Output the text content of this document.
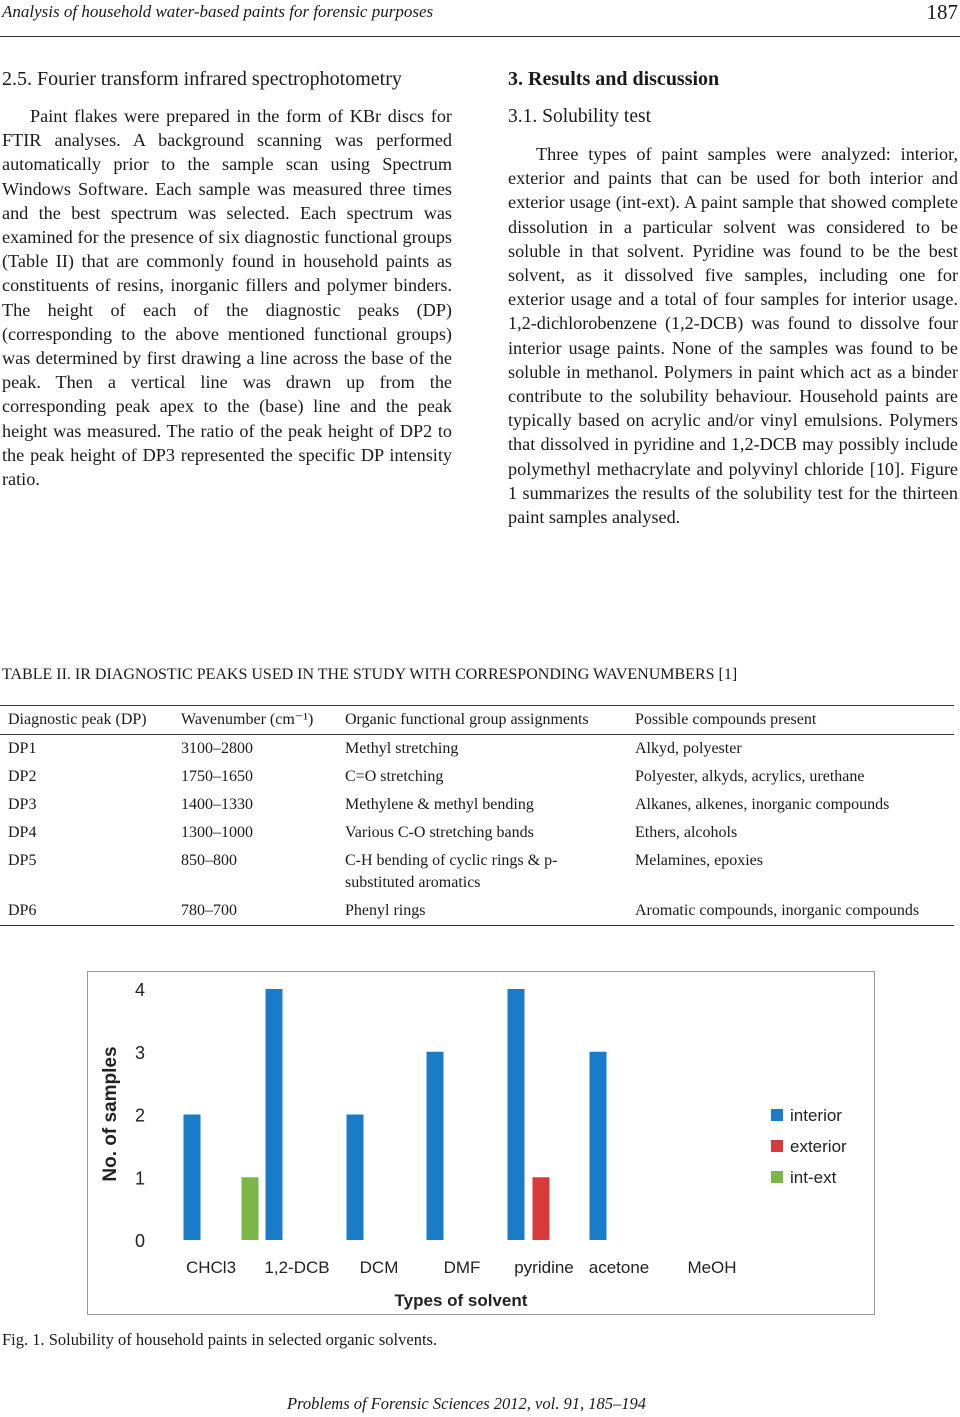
Analysis of household water-based paints for forensic purposes	187
2.5. Fourier transform infrared spectrophotometry

Paint flakes were prepared in the form of KBr discs for FTIR analyses. A background scanning was performed automatically prior to the sample scan using Spectrum Windows Software. Each sample was measured three times and the best spectrum was selected. Each spectrum was examined for the presence of six diagnostic functional groups (Table II) that are commonly found in household paints as constituents of resins, inorganic fillers and polymer binders. The height of each of the diagnostic peaks (DP) (corresponding to the above mentioned functional groups) was determined by first drawing a line across the base of the peak. Then a vertical line was drawn up from the corresponding peak apex to the (base) line and the peak height was measured. The ratio of the peak height of DP2 to the peak height of DP3 represented the specific DP intensity ratio.

3. Results and discussion
3.1. Solubility test

Three types of paint samples were analyzed: interior, exterior and paints that can be used for both interior and exterior usage (int-ext). A paint sample that showed complete dissolution in a particular solvent was considered to be soluble in that solvent. Pyridine was found to be the best solvent, as it dissolved five samples, including one for exterior usage and a total of four samples for interior usage. 1,2-dichlorobenzene (1,2-DCB) was found to dissolve four interior usage paints. None of the samples was found to be soluble in methanol. Polymers in paint which act as a binder contribute to the solubility behaviour. Household paints are typically based on acrylic and/or vinyl emulsions. Polymers that dissolved in pyridine and 1,2-DCB may possibly include polymethyl methacrylate and polyvinyl chloride [10]. Figure 1 summarizes the results of the solubility test for the thirteen paint samples analysed.

TABLE II. IR DIAGNOSTIC PEAKS USED IN THE STUDY WITH CORRESPONDING WAVENUMBERS [1]
Diagnostic peak (DP)	Wavenumber (cm⁻¹)	Organic functional group assignments	Possible compounds present
DP1	3100–2800	Methyl stretching	Alkyd, polyester
DP2	1750–1650	C=O stretching	Polyester, alkyds, acrylics, urethane
DP3	1400–1330	Methylene & methyl bending	Alkanes, alkenes, inorganic compounds
DP4	1300–1000	Various C-O stretching bands	Ethers, alcohols
DP5	850–800	C-H bending of cyclic rings & p-substituted aromatics	Melamines, epoxies
DP6	780–700	Phenyl rings	Aromatic compounds, inorganic compounds
0
1
2
3
4
No. of samples
CHCl3 1,2-DCB DCM	DMF pyridine acetone MeOH
Types of solvent
interior
exterior
int-ext
Fig. 1. Solubility of household paints in selected organic solvents.
Problems of Forensic Sciences 2012, vol. 91, 185–194
